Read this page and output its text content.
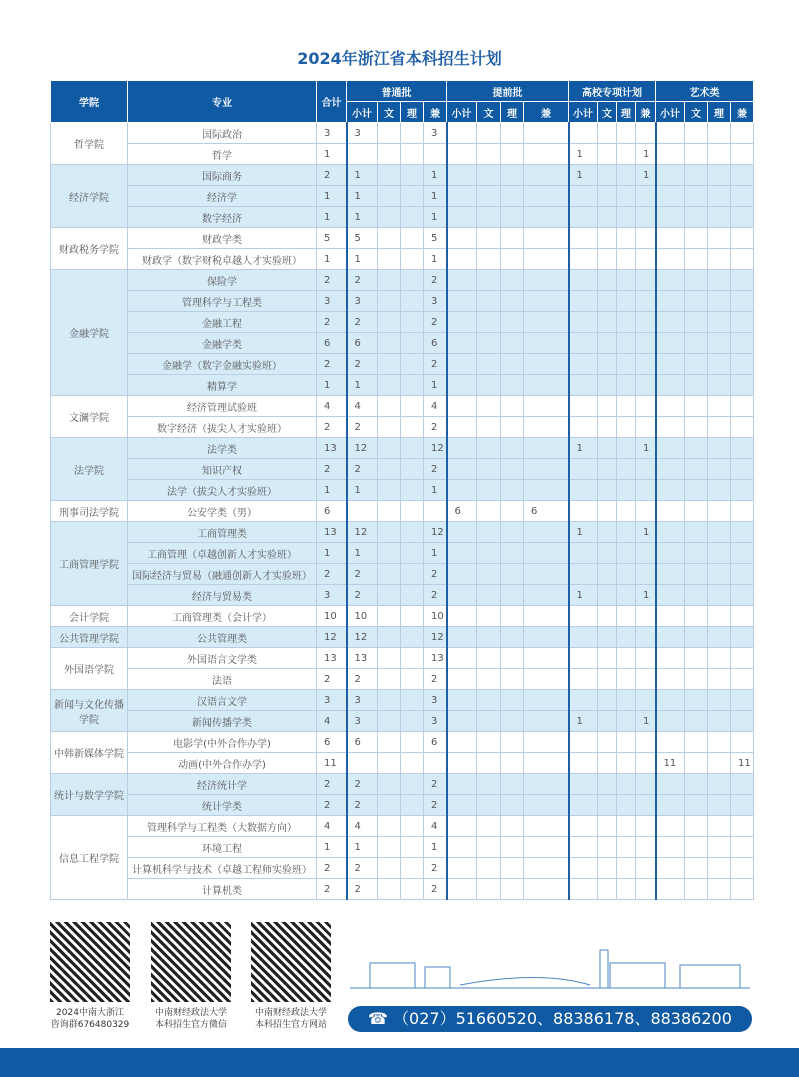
2024年浙江省本科招生计划
学院	专业	合计	普通批				提前批				高校专项计划				艺术类			
			小计	文	理	兼	小计	文	理	兼	小计	文	理	兼	小计	文	理	兼
哲学院	国际政治	3	3			3												
	哲学	1									1			1				
经济学院	国际商务	2	1			1					1			1				
	经济学	1	1			1												
	数字经济	1	1			1												
财政税务学院	财政学类	5	5			5												
	财政学（数字财税卓越人才实验班）	1	1			1												
金融学院	保险学	2	2			2												
	管理科学与工程类	3	3			3												
	金融工程	2	2			2												
	金融学类	6	6			6												
	金融学（数字金融实验班）	2	2			2												
	精算学	1	1			1												
文澜学院	经济管理试验班	4	4			4												
	数字经济（拔尖人才实验班）	2	2			2												
法学院	法学类	13	12			12					1			1				
	知识产权	2	2			2												
	法学（拔尖人才实验班）	1	1			1												
刑事司法学院	公安学类（男）	6					6			6								
工商管理学院	工商管理类	13	12			12					1			1				
	工商管理（卓越创新人才实验班）	1	1			1												
	国际经济与贸易（融通创新人才实验班）	2	2			2												
	经济与贸易类	3	2			2					1			1				
会计学院	工商管理类（会计学）	10	10			10												
公共管理学院	公共管理类	12	12			12												
外国语学院	外国语言文学类	13	13			13												
	法语	2	2			2												
新闻与文化传播学院	汉语言文学	3	3			3												
	新闻传播学类	4	3			3					1			1				
中韩新媒体学院	电影学(中外合作办学)	6	6			6												
	动画(中外合作办学)	11													11			11
统计与数学学院	经济统计学	2	2			2												
	统计学类	2	2			2												
信息工程学院	管理科学与工程类（大数据方向）	4	4			4												
	环境工程	1	1			1												
	计算机科学与技术（卓越工程师实验班）	2	2			2												
	计算机类	2	2			2												
2024中南大浙江
咨询群676480329
中南财经政法大学
本科招生官方微信
中南财经政法大学
本科招生官方网站	☎ （027）51660520、88386178、88386200
